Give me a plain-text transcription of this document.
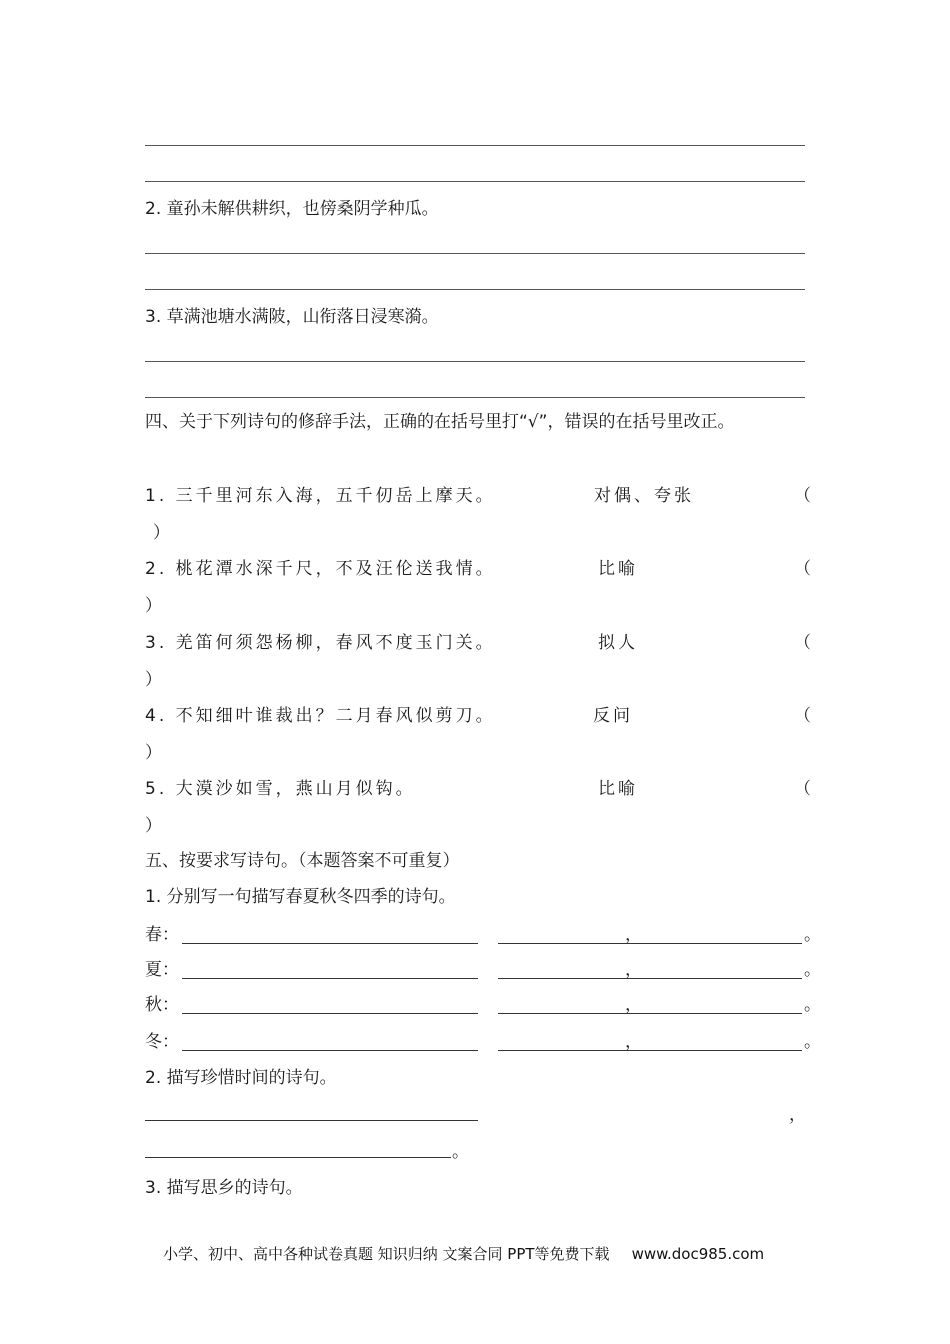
2. 童孙未解供耕织，也傍桑阴学种瓜。
3. 草满池塘水满陂，山衔落日浸寒漪。
四、关于下列诗句的修辞手法，正确的在括号里打“√”，错误的在括号里改正。
1. 三千里河东入海，五千仞岳上摩天。	对偶、夸张	（
）
2. 桃花潭水深千尺，不及汪伦送我情。	比喻	（
）
3. 羌笛何须怨杨柳，春风不度玉门关。	拟人	（
）
4. 不知细叶谁裁出？二月春风似剪刀。	反问	（
）
5. 大漠沙如雪，燕山月似钩。	比喻	（
）
五、按要求写诗句。（本题答案不可重复）
1. 分别写一句描写春夏秋冬四季的诗句。
春：	，	。
夏：	，	。
秋：	，	。
冬：	，	。
2. 描写珍惜时间的诗句。
，
。
3. 描写思乡的诗句。
小学、初中、高中各种试卷真题 知识归纳 文案合同 PPT等免费下载 www.doc985.com
